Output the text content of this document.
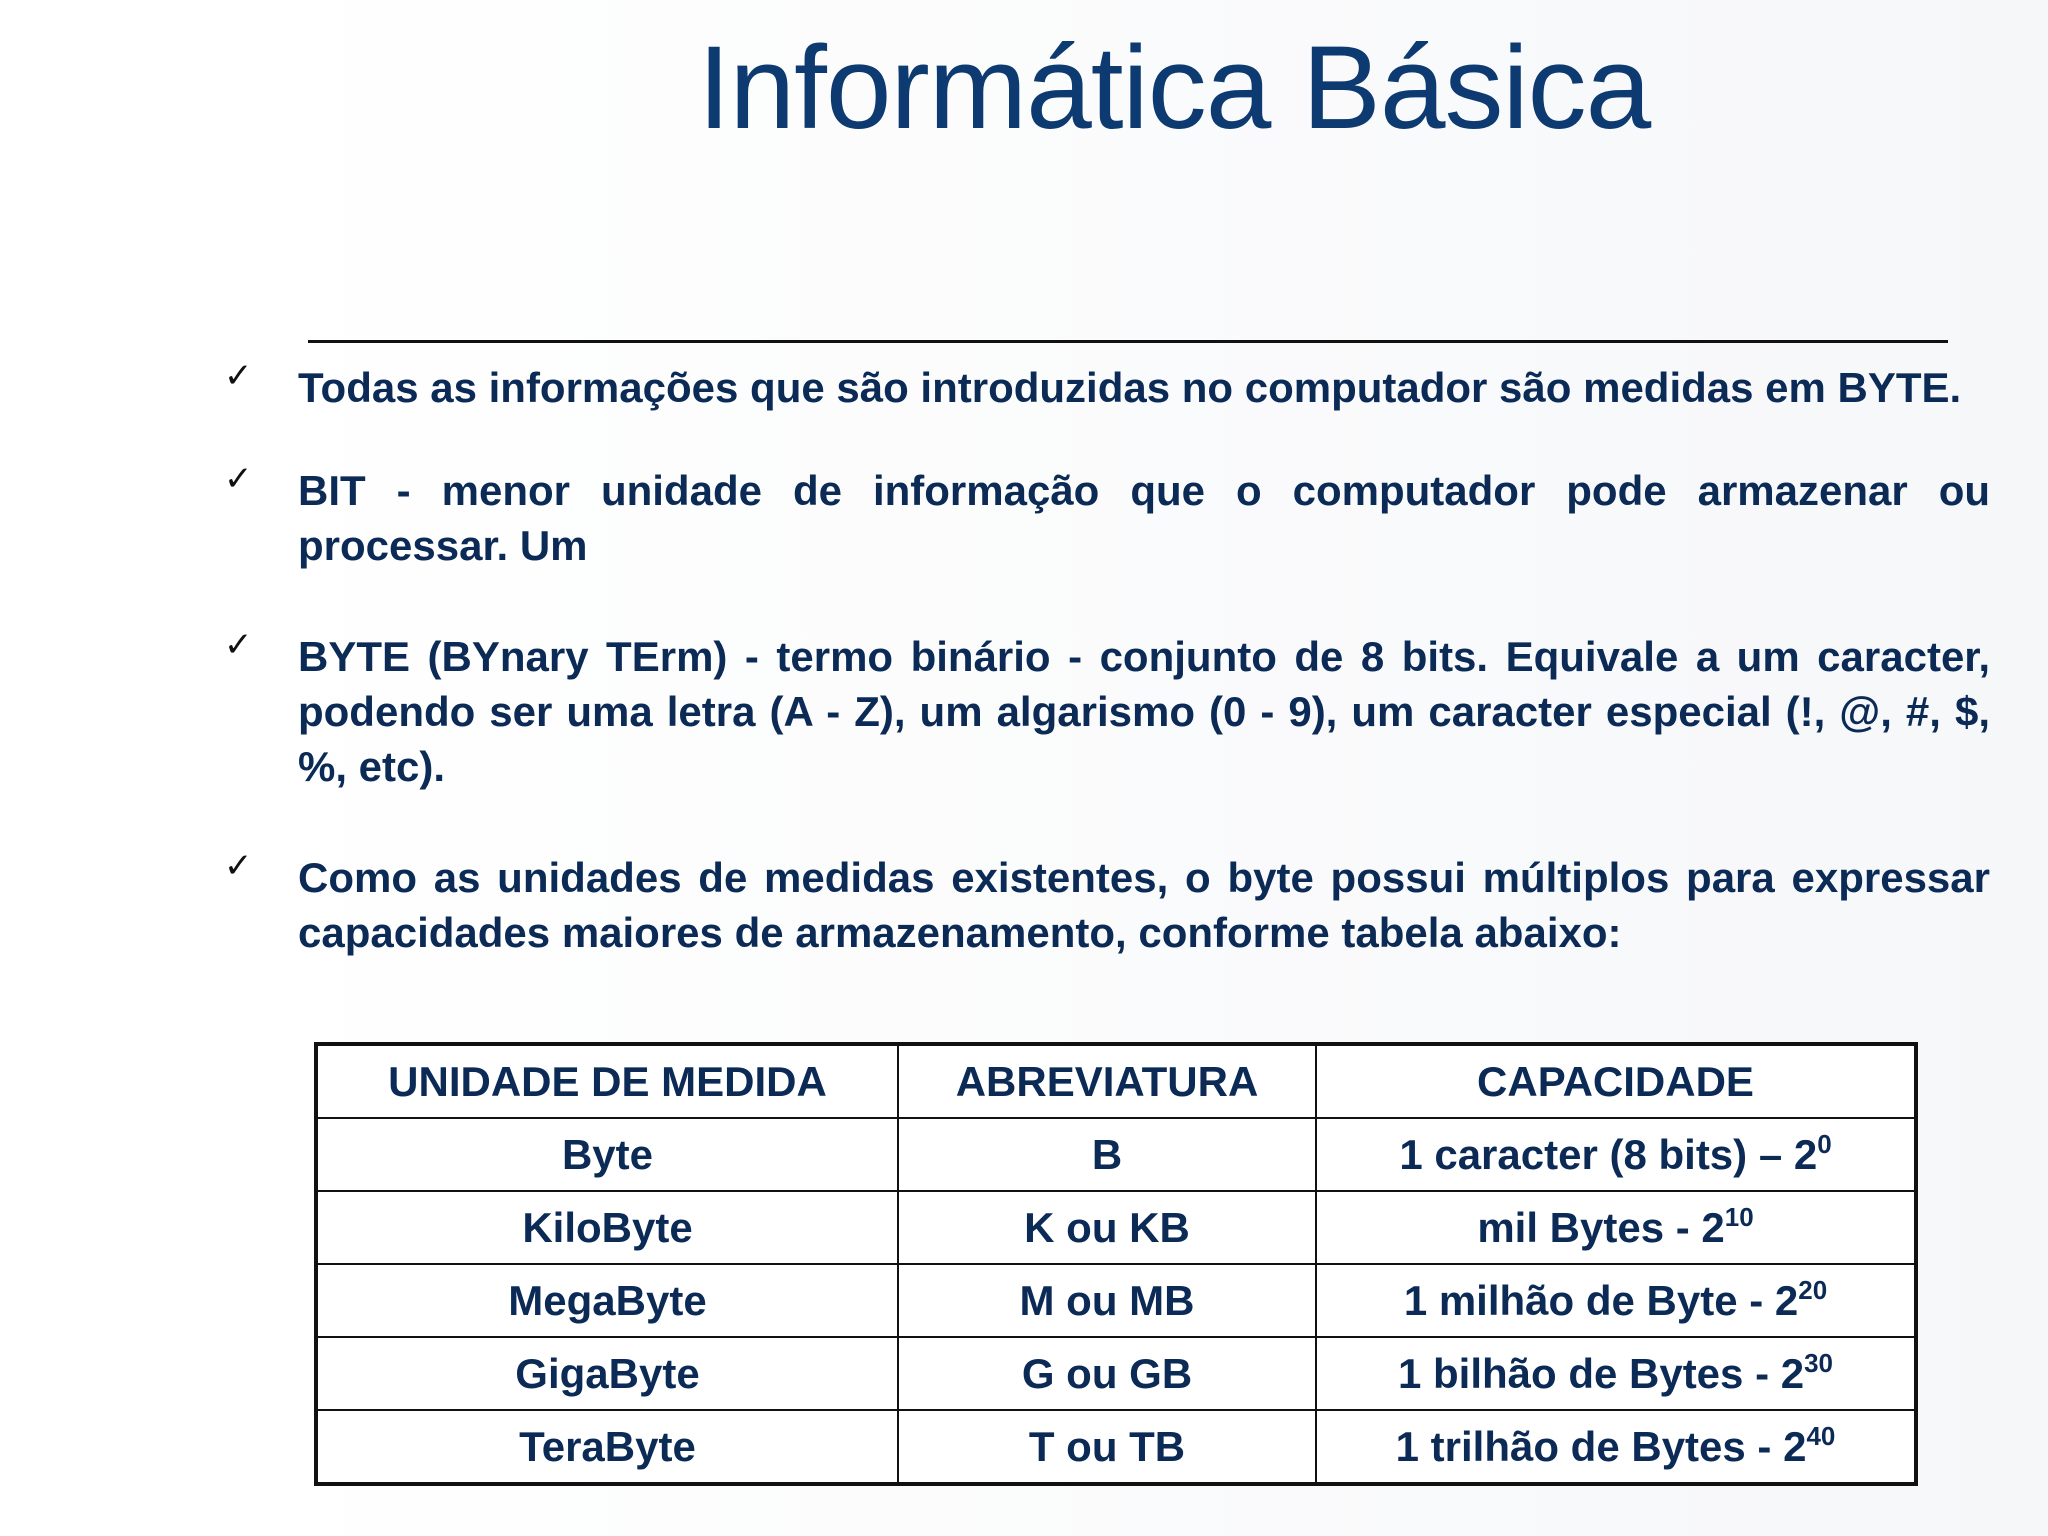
Informática Básica
✓ Todas as informações que são introduzidas no computador são medidas em BYTE.
✓ BIT - menor unidade de informação que o computador pode armazenar ou processar. Um
✓ BYTE (BYnary TErm) - termo binário - conjunto de 8 bits. Equivale a um caracter, podendo ser uma letra (A - Z), um algarismo (0 - 9), um caracter especial (!, @, #, $, %, etc).
✓ Como as unidades de medidas existentes, o byte possui múltiplos para expressar capacidades maiores de armazenamento, conforme tabela abaixo:
UNIDADE DE MEDIDA	ABREVIATURA	CAPACIDADE
Byte	B	1 caracter (8 bits) – $2^0$
KiloByte	K ou KB	mil Bytes - $2^{10}$
MegaByte	M ou MB	1 milhão de Byte - $2^{20}$
GigaByte	G ou GB	1 bilhão de Bytes - $2^{30}$
TeraByte	T ou TB	1 trilhão de Bytes - $2^{40}$
